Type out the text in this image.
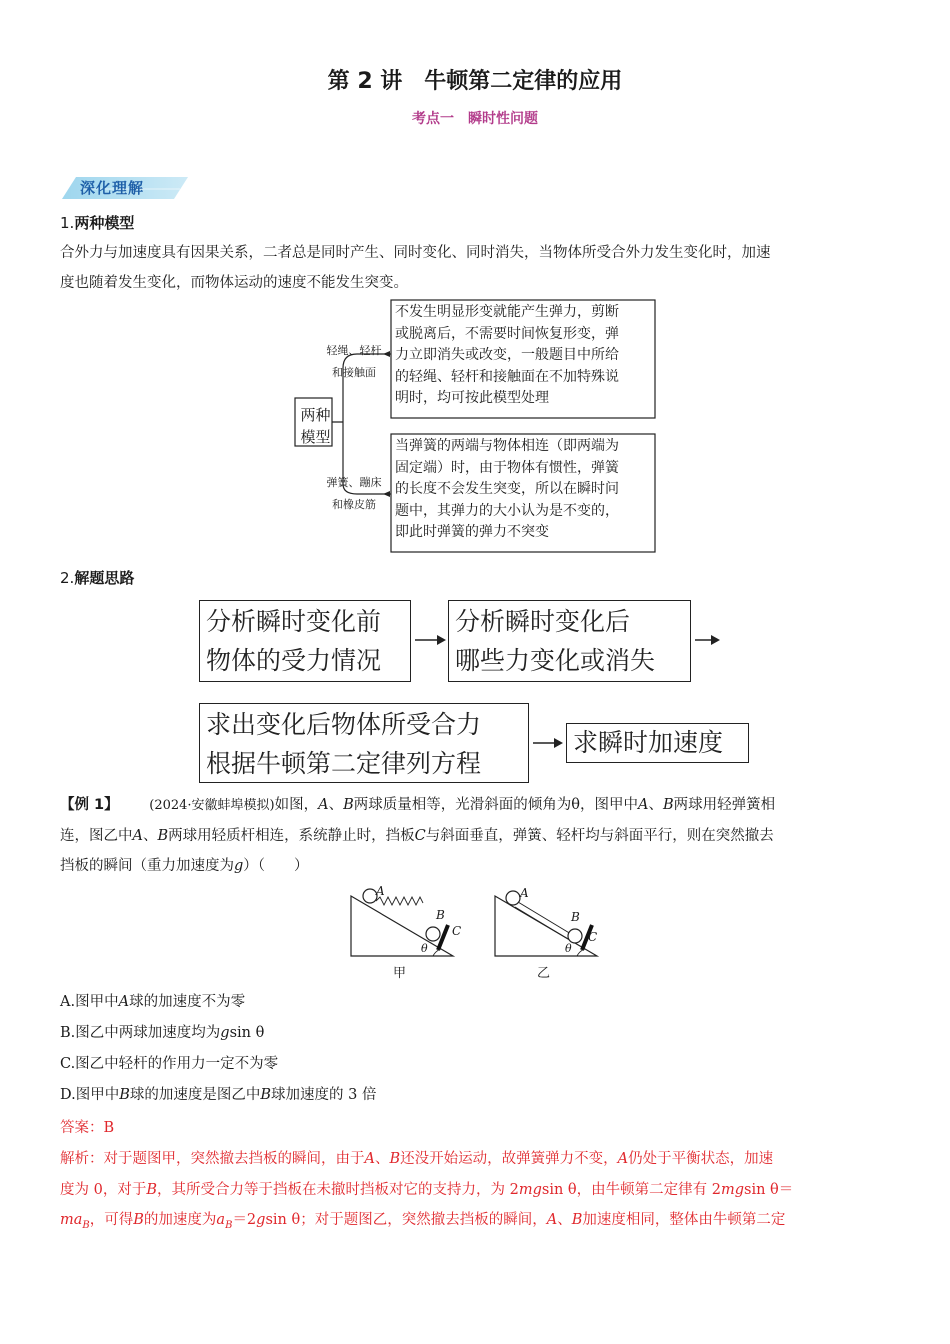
第 2 讲　牛顿第二定律的应用
考点一　瞬时性问题
深化理解
1.两种模型
合外力与加速度具有因果关系，二者总是同时产生、同时变化、同时消失，当物体所受合外力发生变化时，加速
度也随着发生变化，而物体运动的速度不能发生突变。
两种
模型
轻绳、轻杆
和接触面
弹簧、蹦床
和橡皮筋
不发生明显形变就能产生弹力，剪断
或脱离后，不需要时间恢复形变，弹
力立即消失或改变，一般题目中所给
的轻绳、轻杆和接触面在不加特殊说
明时，均可按此模型处理
当弹簧的两端与物体相连（即两端为
固定端）时，由于物体有惯性，弹簧
的长度不会发生突变，所以在瞬时问
题中，其弹力的大小认为是不变的，
即此时弹簧的弹力不突变
2.解题思路
分析瞬时变化前
物体的受力情况
分析瞬时变化后
哪些力变化或消失
求出变化后物体所受合力
根据牛顿第二定律列方程
求瞬时加速度
【例 1】 (2024·安徽蚌埠模拟)如图，A、B两球质量相等，光滑斜面的倾角为θ，图甲中A、B两球用轻弹簧相
连，图乙中A、B两球用轻质杆相连，系统静止时，挡板C与斜面垂直，弹簧、轻杆均与斜面平行，则在突然撤去
挡板的瞬间（重力加速度为g）（　　）
A
B
C
θ
甲
A
B
C
θ
乙
A.图甲中A球的加速度不为零
B.图乙中两球加速度均为gsin θ
C.图乙中轻杆的作用力一定不为零
D.图甲中B球的加速度是图乙中B球加速度的 3 倍
答案：B
解析：对于题图甲，突然撤去挡板的瞬间，由于A、B还没开始运动，故弹簧弹力不变，A仍处于平衡状态，加速
度为 0，对于B，其所受合力等于挡板在未撤时挡板对它的支持力，为 2mgsin θ，由牛顿第二定律有 2mgsin θ＝
$ma_B$，可得B的加速度为$a_B=2gsin$ θ；对于题图乙，突然撤去挡板的瞬间，A、B加速度相同，整体由牛顿第二定
